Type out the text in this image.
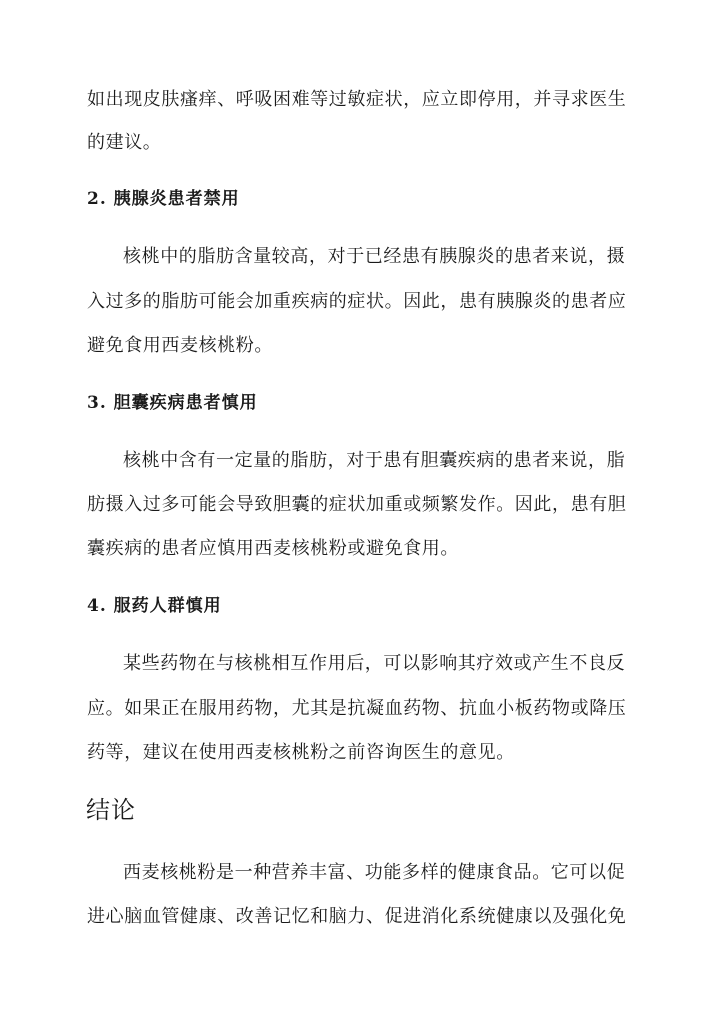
如出现皮肤瘙痒、呼吸困难等过敏症状，应立即停用，并寻求医生
的建议。
2. 胰腺炎患者禁用
核桃中的脂肪含量较高，对于已经患有胰腺炎的患者来说，摄
入过多的脂肪可能会加重疾病的症状。因此，患有胰腺炎的患者应
避免食用西麦核桃粉。
3. 胆囊疾病患者慎用
核桃中含有一定量的脂肪，对于患有胆囊疾病的患者来说，脂
肪摄入过多可能会导致胆囊的症状加重或频繁发作。因此，患有胆
囊疾病的患者应慎用西麦核桃粉或避免食用。
4. 服药人群慎用
某些药物在与核桃相互作用后，可以影响其疗效或产生不良反
应。如果正在服用药物，尤其是抗凝血药物、抗血小板药物或降压
药等，建议在使用西麦核桃粉之前咨询医生的意见。
结论
西麦核桃粉是一种营养丰富、功能多样的健康食品。它可以促
进心脑血管健康、改善记忆和脑力、促进消化系统健康以及强化免
